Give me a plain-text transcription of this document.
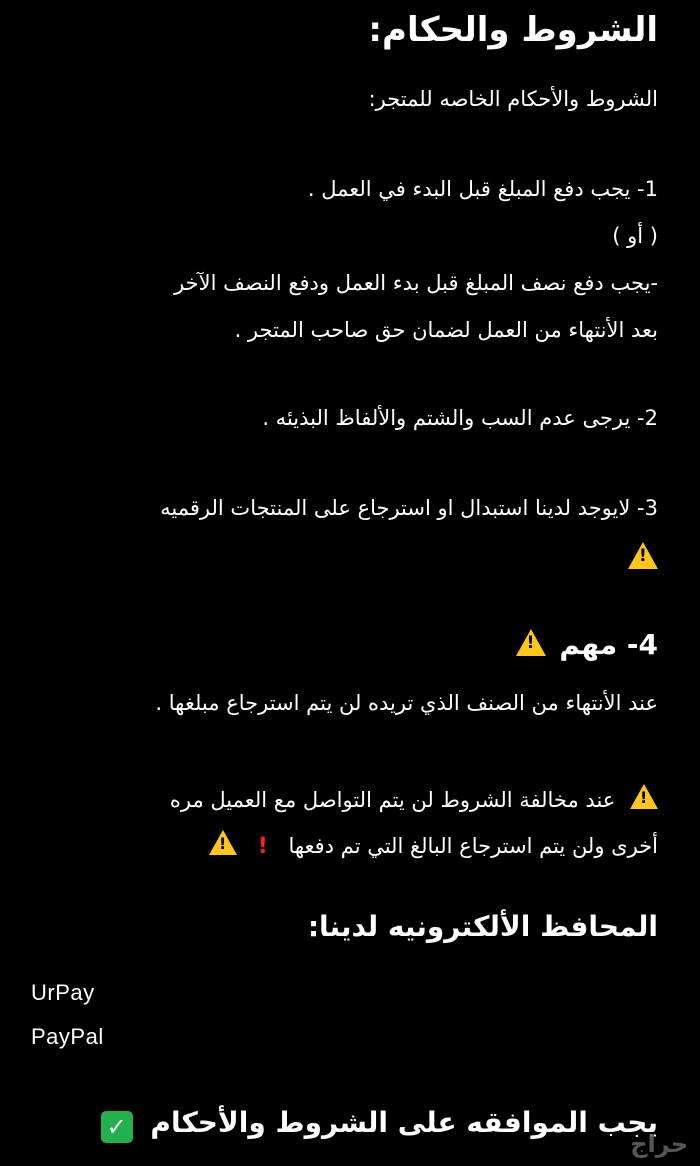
الشروط والحكام:
الشروط والأحكام الخاصه للمتجر:
1- يجب دفع المبلغ قبل البدء في العمل .
( أو )
-يجب دفع نصف المبلغ قبل بدء العمل ودفع النصف الآخر
بعد الأنتهاء من العمل لضمان حق صاحب المتجر .
2- يرجى عدم السب والشتم والألفاظ البذيئه .
3- لايوجد لدينا استبدال او استرجاع على المنتجات الرقميه
!
4- مهم !
عند الأنتهاء من الصنف الذي تريده لن يتم استرجاع مبلغها .
! عند مخالفة الشروط لن يتم التواصل مع العميل مره
أخرى ولن يتم استرجاع البالغ التي تم دفعها ! !
المحافظ الألكترونيه لدينا:
UrPay
PayPal
يجب الموافقه على الشروط والأحكام ✓
حراج
